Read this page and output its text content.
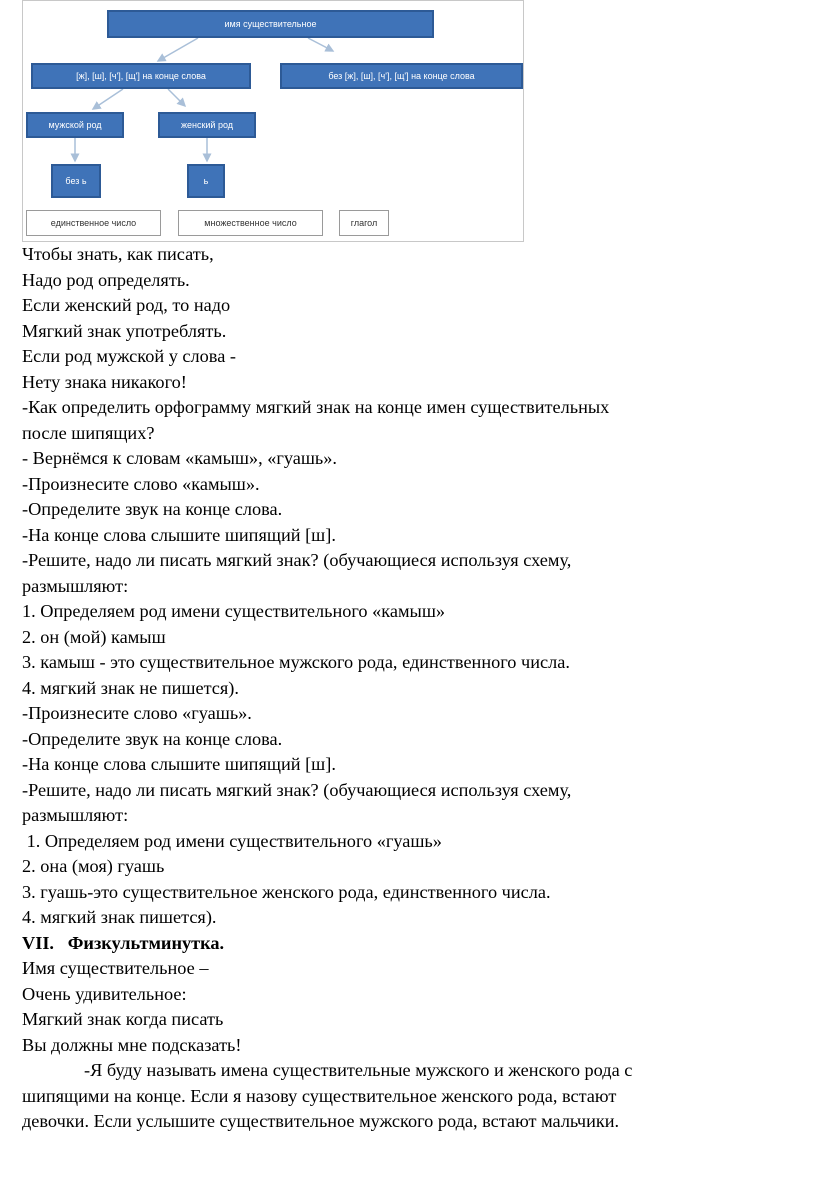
имя существительное
[ж], [ш], [ч'], [щ'] на конце слова	без [ж], [ш], [ч'], [щ'] на конце слова
мужской род	женский род
без ь	ь
единственное число	множественное число	глагол

Чтобы знать, как писать,

Надо род определять.

Если женский род, то надо

Мягкий знак употреблять.

Если род мужской у слова -

Нету знака никакого!

-Как определить орфограмму мягкий знак на конце имен существительных

после шипящих?

- Вернёмся к словам «камыш», «гуашь».

-Произнесите слово «камыш».

-Определите звук на конце слова.

-На конце слова слышите шипящий [ш].

-Решите, надо ли писать мягкий знак? (обучающиеся используя схему,

размышляют:

1. Определяем род имени существительного «камыш»

2. он (мой) камыш

3. камыш - это существительное мужского рода, единственного числа.

4. мягкий знак не пишется).

-Произнесите слово «гуашь».

-Определите звук на конце слова.

-На конце слова слышите шипящий [ш].

-Решите, надо ли писать мягкий знак? (обучающиеся используя схему,

размышляют:

1. Определяем род имени существительного «гуашь»

2. она (моя) гуашь

3. гуашь-это существительное женского рода, единственного числа.

4. мягкий знак пишется).

VII.   Физкультминутка.

Имя существительное –

Очень удивительное:

Мягкий знак когда писать

Вы должны мне подсказать!

-Я буду называть имена существительные мужского и женского рода с

шипящими на конце. Если я назову существительное женского рода, встают

девочки. Если услышите существительное мужского рода, встают мальчики.
